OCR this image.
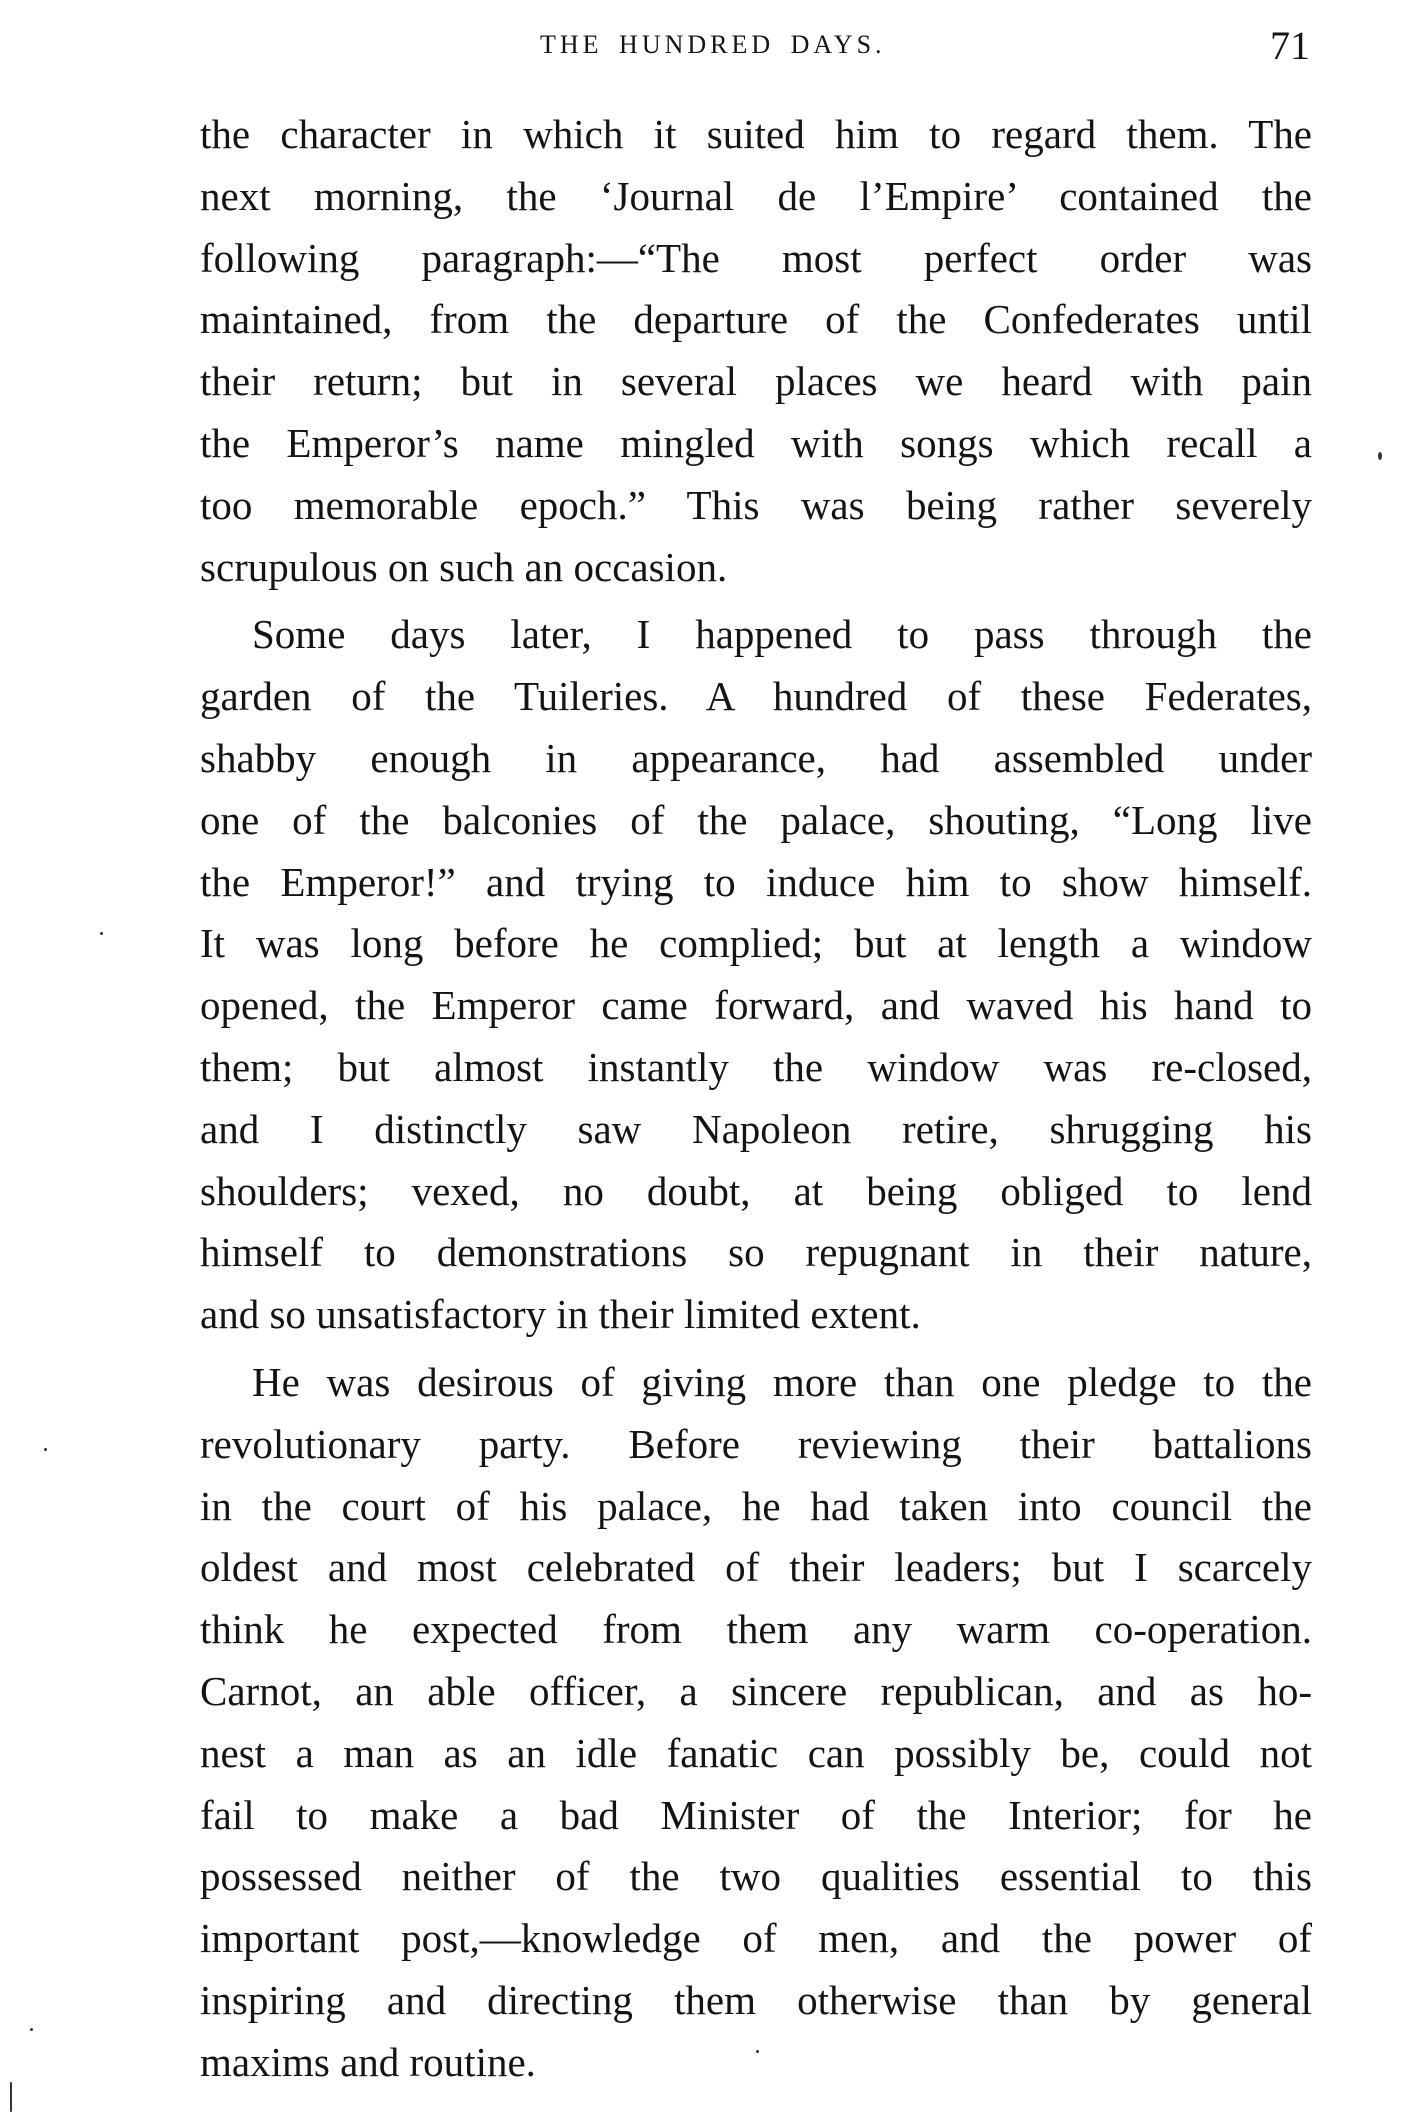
THE HUNDRED DAYS.	71
the character in which it suited him to regard them. The
next morning, the ‘Journal de l’Empire’ contained the
following paragraph:—“The most perfect order was
maintained, from the departure of the Confederates until
their return; but in several places we heard with pain
the Emperor’s name mingled with songs which recall a
too memorable epoch.” This was being rather severely
scrupulous on such an occasion.
Some days later, I happened to pass through the
garden of the Tuileries. A hundred of these Federates,
shabby enough in appearance, had assembled under
one of the balconies of the palace, shouting, “Long live
the Emperor!” and trying to induce him to show himself.
It was long before he complied; but at length a window
opened, the Emperor came forward, and waved his hand to
them; but almost instantly the window was re-closed,
and I distinctly saw Napoleon retire, shrugging his
shoulders; vexed, no doubt, at being obliged to lend
himself to demonstrations so repugnant in their nature,
and so unsatisfactory in their limited extent.
He was desirous of giving more than one pledge to the
revolutionary party. Before reviewing their battalions
in the court of his palace, he had taken into council the
oldest and most celebrated of their leaders; but I scarcely
think he expected from them any warm co-operation.
Carnot, an able officer, a sincere republican, and as ho-
nest a man as an idle fanatic can possibly be, could not
fail to make a bad Minister of the Interior; for he
possessed neither of the two qualities essential to this
important post,—knowledge of men, and the power of
inspiring and directing them otherwise than by general
maxims and routine.
